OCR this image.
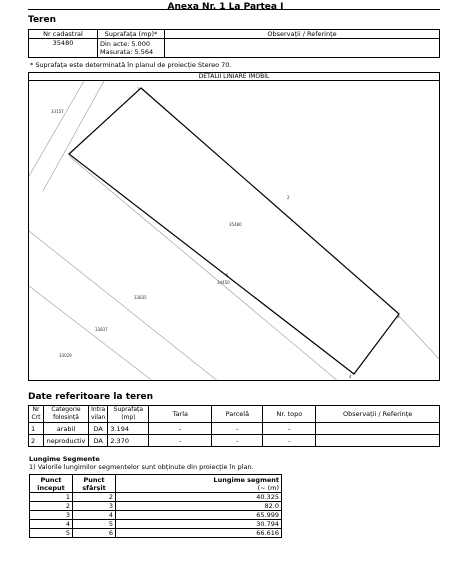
Anexa Nr. 1 La Partea I
Teren
Nr cadastral	Suprafața (mp)*	Observații / Referințe
35480	Din acte: 5.000
Masurata: 5.564	

* Suprafața este determinată în planul de proiecție Stereo 70.
DETALII LINIARE IMOBIL
33157
35480
34450
33835
33837
33029
1
2
3
4
5
Date referitoare la teren
Nr Crt	Categorie folosință	Intra vilan	Suprafața (mp)	Tarla	Parcelă	Nr. topo	Observații / Referințe
1	arabil	DA	3.194	-	-	-	
2	neproductiv	DA	2.370	-	-	-	
Lungime Segmente
1) Valorile lungimilor segmentelor sunt obținute din proiecție în plan.
Punct început	Punct sfârșit	Lungime segment
(~ (m)

1	2	40.325
2	3	82.0
3	4	65.999
4	5	30.794
5	6	66.616
